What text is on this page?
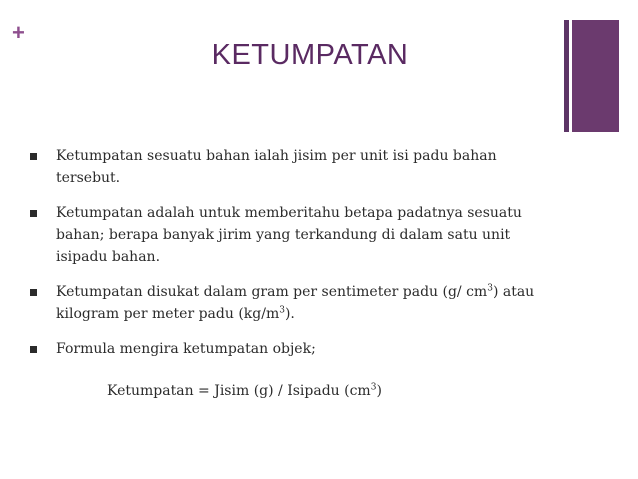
+
KETUMPATAN
Ketumpatan sesuatu bahan ialah jisim per unit isi padu bahan tersebut.
Ketumpatan adalah untuk memberitahu betapa padatnya sesuatu bahan; berapa banyak jirim yang terkandung di dalam satu unit isipadu bahan.
Ketumpatan disukat dalam gram per sentimeter padu (g/ $cm^3$) atau kilogram per meter padu $(kg/m^3)$.
Formula mengira ketumpatan objek;
Ketumpatan = Jisim (g) / Isipadu $(cm^3)$
